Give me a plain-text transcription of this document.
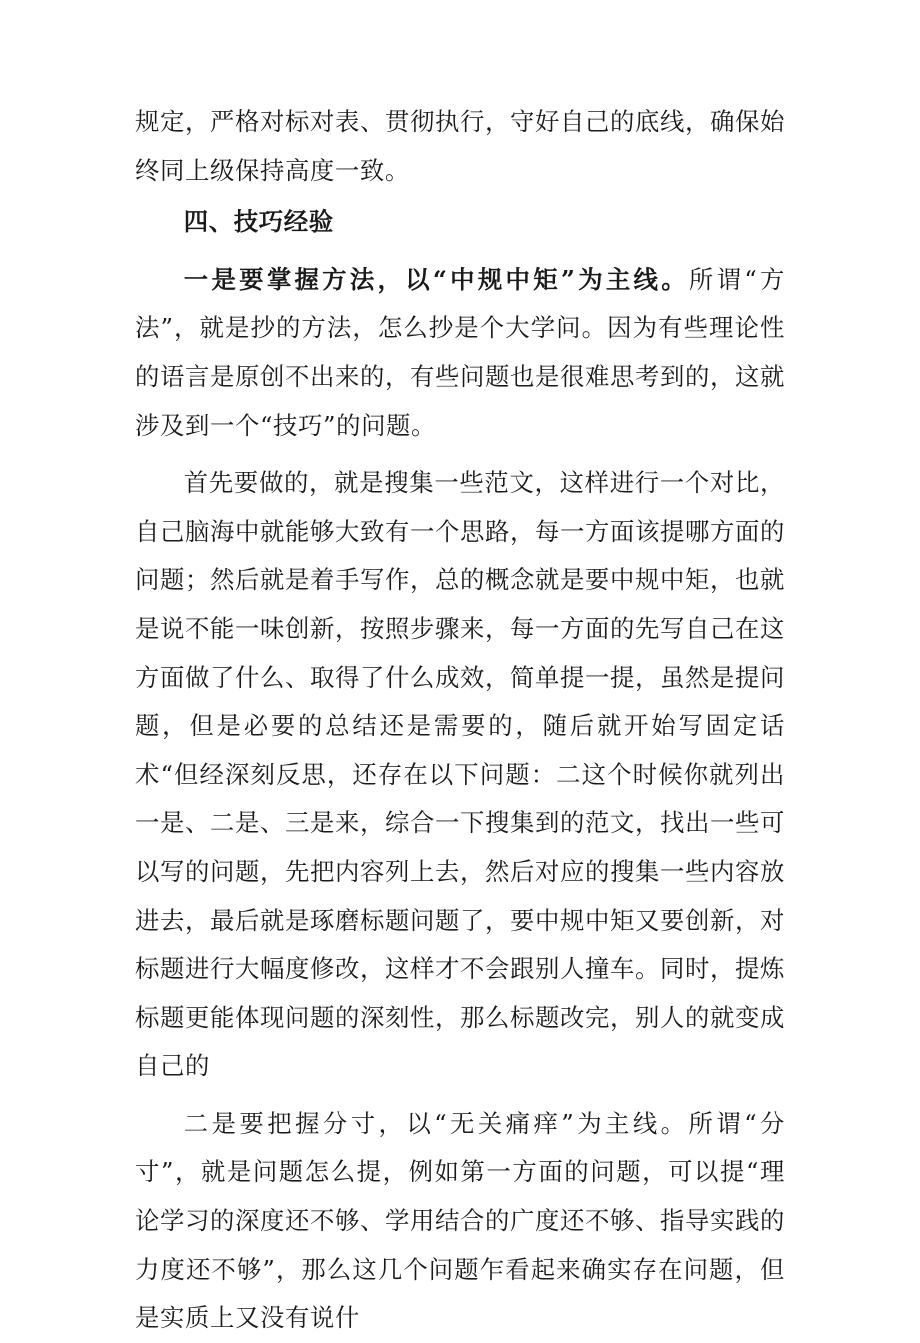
规定，严格对标对表、贯彻执行，守好自己的底线，确保始终同上级保持高度一致。

四、技巧经验

一是要掌握方法，以“中规中矩”为主线。所谓“方法”，就是抄的方法，怎么抄是个大学问。因为有些理论性的语言是原创不出来的，有些问题也是很难思考到的，这就涉及到一个“技巧”的问题。

首先要做的，就是搜集一些范文，这样进行一个对比，自己脑海中就能够大致有一个思路，每一方面该提哪方面的问题；然后就是着手写作，总的概念就是要中规中矩，也就是说不能一味创新，按照步骤来，每一方面的先写自己在这方面做了什么、取得了什么成效，简单提一提，虽然是提问题，但是必要的总结还是需要的，随后就开始写固定话术“但经深刻反思，还存在以下问题：二这个时候你就列出一是、二是、三是来，综合一下搜集到的范文，找出一些可以写的问题，先把内容列上去，然后对应的搜集一些内容放进去，最后就是琢磨标题问题了，要中规中矩又要创新，对标题进行大幅度修改，这样才不会跟别人撞车。同时，提炼标题更能体现问题的深刻性，那么标题改完，别人的就变成自己的

二是要把握分寸，以“无关痛痒”为主线。所谓“分寸”，就是问题怎么提，例如第一方面的问题，可以提“理论学习的深度还不够、学用结合的广度还不够、指导实践的力度还不够”，那么这几个问题乍看起来确实存在问题，但是实质上又没有说什
